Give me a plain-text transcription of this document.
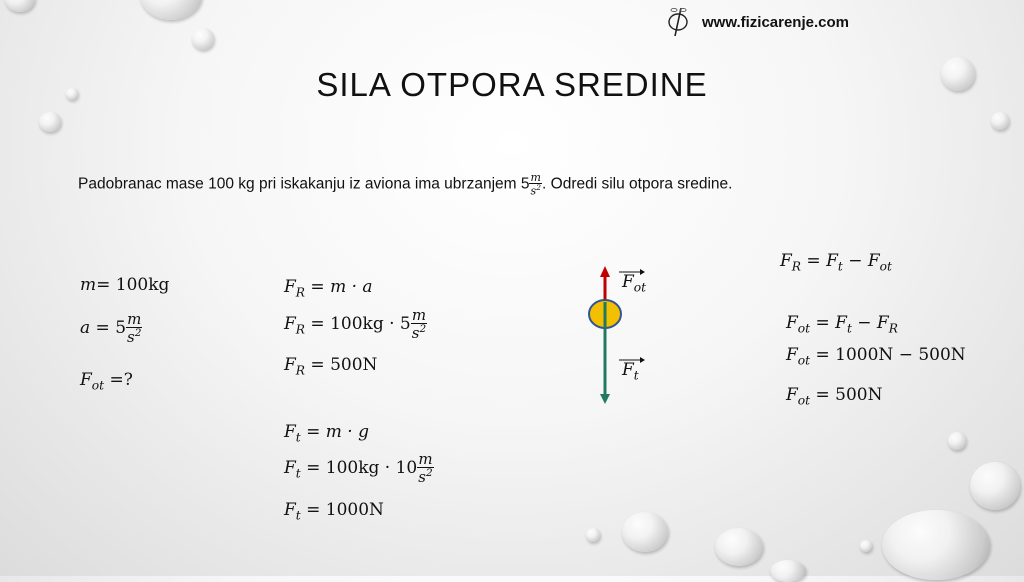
www.fizicarenje.com
SILA OTPORA SREDINE
Padobranac mase 100 kg pri iskakanju iz aviona ima ubrzanjem $5 \frac{m}{s^2}$ . Odredi silu otpora sredine.
m= 100kg
$a = 5 \frac{m}{s^2}$
$F_{ot}$ =?
$F_R = m \cdot a$
$F_R = 100kg \cdot 5 \frac{m}{s^2}$
$F_R = 500N$
$F_t = m \cdot g$
$F_t = 100kg \cdot 10 \frac{m}{s^2}$
$F_t = 1000N$
$F_{ot}$
$F_t$
$F_R = F_t - F_{ot}$
$F_{ot} = F_t - F_R$
$F_{ot} = 1000N - 500N$
$F_{ot} = 500N$
